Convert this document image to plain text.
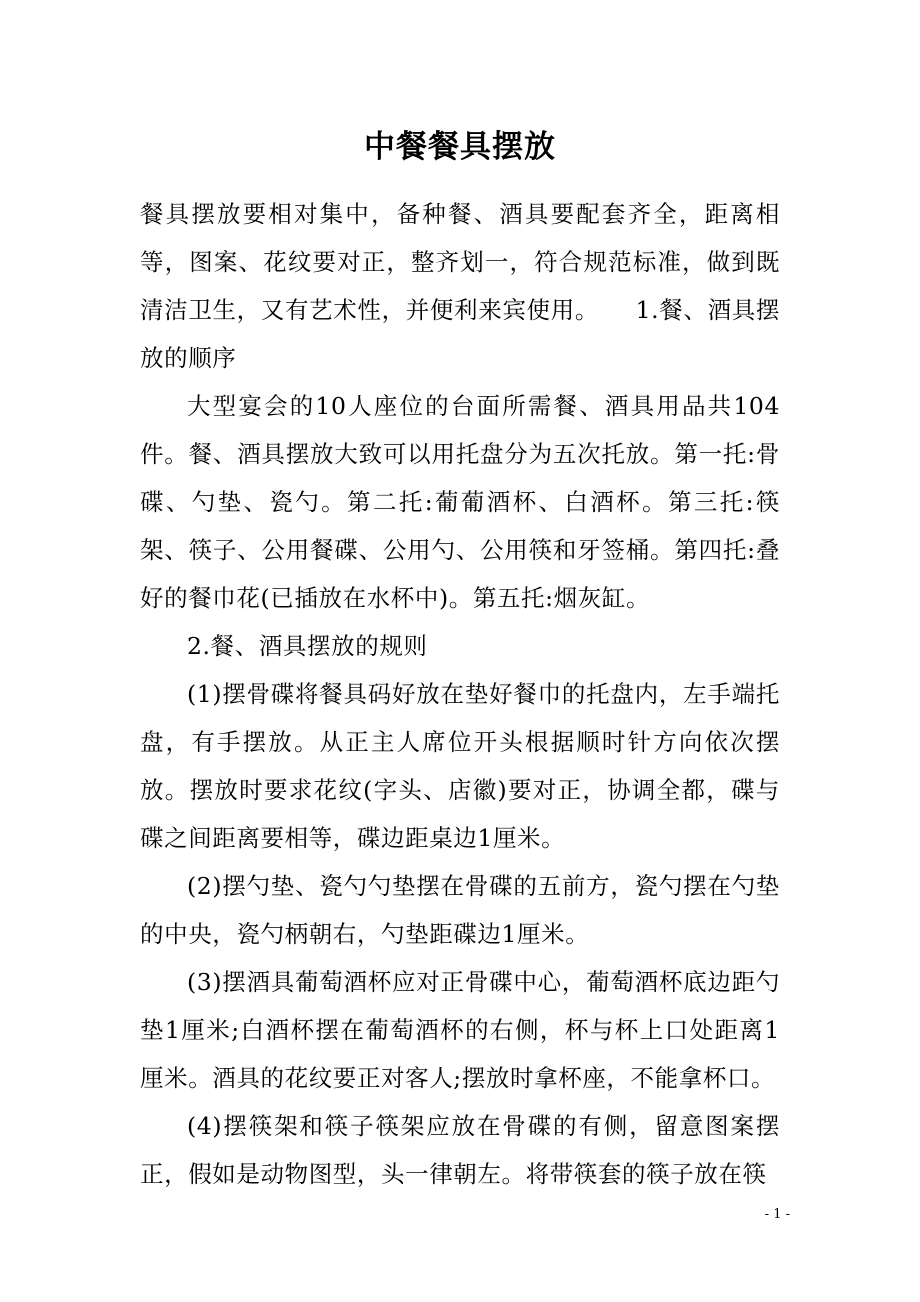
中餐餐具摆放

餐具摆放要相对集中，备种餐、酒具要配套齐全，距离相等，图案、花纹要对正，整齐划一，符合规范标准，做到既清洁卫生，又有艺术性，并便利来宾使用。　　1.餐、酒具摆放的顺序

大型宴会的10人座位的台面所需餐、酒具用品共104件。餐、酒具摆放大致可以用托盘分为五次托放。第一托:骨碟、勺垫、瓷勺。第二托:葡葡酒杯、白酒杯。第三托:筷架、筷子、公用餐碟、公用勺、公用筷和牙签桶。第四托:叠好的餐巾花(已插放在水杯中)。第五托:烟灰缸。

2.餐、酒具摆放的规则

(1)摆骨碟将餐具码好放在垫好餐巾的托盘内，左手端托盘，有手摆放。从正主人席位开头根据顺时针方向依次摆放。摆放时要求花纹(字头、店徽)要对正，协调全都，碟与碟之间距离要相等，碟边距桌边1厘米。

(2)摆勺垫、瓷勺勺垫摆在骨碟的五前方，瓷勺摆在勺垫的中央，瓷勺柄朝右，勺垫距碟边1厘米。

(3)摆酒具葡萄酒杯应对正骨碟中心，葡萄酒杯底边距勺垫1厘米;白酒杯摆在葡萄酒杯的右侧，杯与杯上口处距离1厘米。酒具的花纹要正对客人;摆放时拿杯座，不能拿杯口。

(4)摆筷架和筷子筷架应放在骨碟的有侧，留意图案摆正，假如是动物图型，头一律朝左。将带筷套的筷子放在筷

- 1 -
